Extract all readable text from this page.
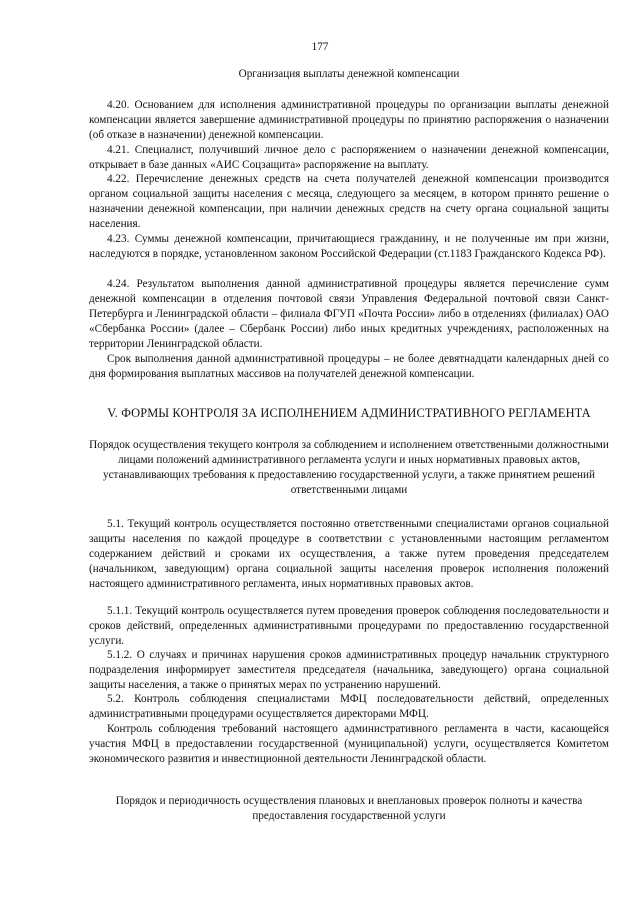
177

Организация выплаты денежной компенсации

4.20. Основанием для исполнения административной процедуры по организации выплаты денежной компенсации является завершение административной процедуры по принятию распоряжения о назначении (об отказе в назначении) денежной компенсации.

4.21. Специалист, получивший личное дело с распоряжением о назначении денежной компенсации, открывает в базе данных «АИС Соцзащита» распоряжение на выплату.

4.22. Перечисление денежных средств на счета получателей денежной компенсации производится органом социальной защиты населения с месяца, следующего за месяцем, в котором принято решение о назначении денежной компенсации, при наличии денежных средств на счету органа социальной защиты населения.

4.23. Суммы денежной компенсации, причитающиеся гражданину, и не полученные им при жизни, наследуются в порядке, установленном законом Российской Федерации (ст.1183 Гражданского Кодекса РФ).

4.24. Результатом выполнения данной административной процедуры является перечисление сумм денежной компенсации в отделения почтовой связи Управления Федеральной почтовой связи Санкт-Петербурга и Ленинградской области – филиала ФГУП «Почта России» либо в отделениях (филиалах) ОАО «Сбербанка России» (далее – Сбербанк России) либо иных кредитных учреждениях, расположенных на территории Ленинградской области.

Срок выполнения данной административной процедуры – не более девятнадцати календарных дней со дня формирования выплатных массивов на получателей денежной компенсации.

V. ФОРМЫ КОНТРОЛЯ ЗА ИСПОЛНЕНИЕМ АДМИНИСТРАТИВНОГО РЕГЛАМЕНТА

Порядок осуществления текущего контроля за соблюдением и исполнением ответственными должностными лицами положений административного регламента услуги и иных нормативных правовых актов, устанавливающих требования к предоставлению государственной услуги, а также принятием решений ответственными лицами

5.1. Текущий контроль осуществляется постоянно ответственными специалистами органов социальной защиты населения по каждой процедуре в соответствии с установленными настоящим регламентом содержанием действий и сроками их осуществления, а также путем проведения председателем (начальником, заведующим) органа социальной защиты населения проверок исполнения положений настоящего административного регламента, иных нормативных правовых актов.

5.1.1. Текущий контроль осуществляется путем проведения проверок соблюдения последовательности и сроков действий, определенных административными процедурами по предоставлению государственной услуги.

5.1.2. О случаях и причинах нарушения сроков административных процедур начальник структурного подразделения информирует заместителя председателя (начальника, заведующего) органа социальной защиты населения, а также о принятых мерах по устранению нарушений.

5.2. Контроль соблюдения специалистами МФЦ последовательности действий, определенных административными процедурами осуществляется директорами МФЦ.

Контроль соблюдения требований настоящего административного регламента в части, касающейся участия МФЦ в предоставлении государственной (муниципальной) услуги, осуществляется Комитетом экономического развития и инвестиционной деятельности Ленинградской области.

Порядок и периодичность осуществления плановых и внеплановых проверок полноты и качества предоставления государственной услуги
